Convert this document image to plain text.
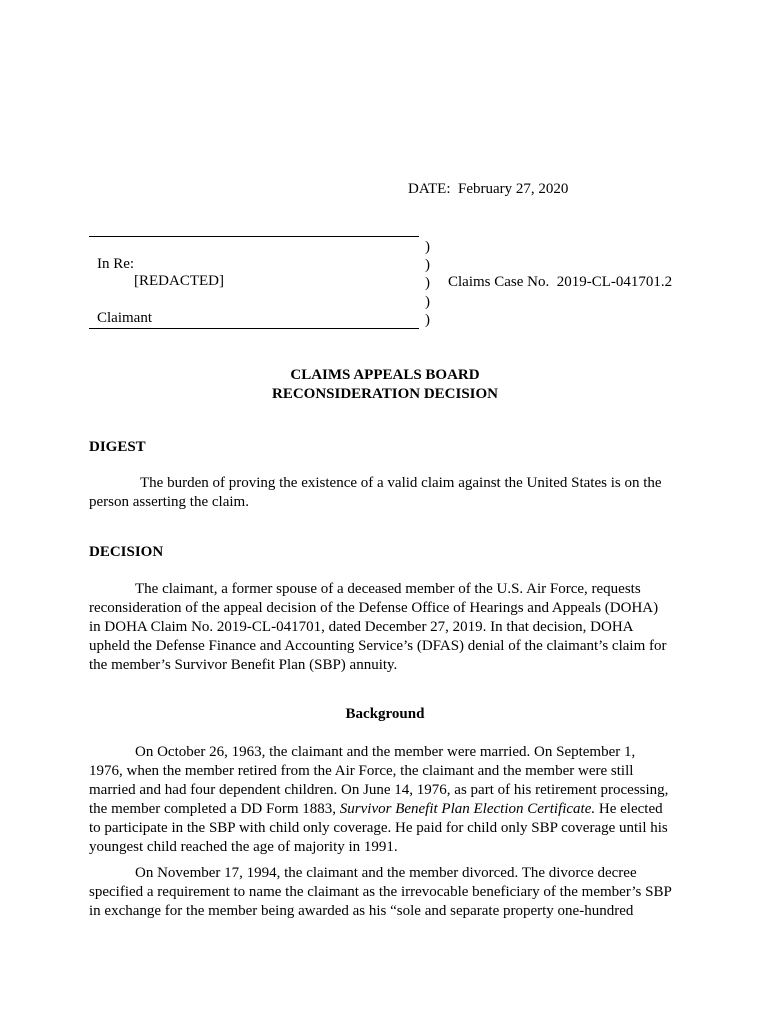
DATE: February 27, 2020
In Re:
[REDACTED]
Claimant
)
)
)
)
)
Claims Case No. 2019-CL-041701.2
CLAIMS APPEALS BOARD
RECONSIDERATION DECISION
DIGEST
The burden of proving the existence of a valid claim against the United States is on the
person asserting the claim.
DECISION
The claimant, a former spouse of a deceased member of the U.S. Air Force, requests
reconsideration of the appeal decision of the Defense Office of Hearings and Appeals (DOHA)
in DOHA Claim No. 2019-CL-041701, dated December 27, 2019. In that decision, DOHA
upheld the Defense Finance and Accounting Service’s (DFAS) denial of the claimant’s claim for
the member’s Survivor Benefit Plan (SBP) annuity.
Background
On October 26, 1963, the claimant and the member were married. On September 1,
1976, when the member retired from the Air Force, the claimant and the member were still
married and had four dependent children. On June 14, 1976, as part of his retirement processing,
the member completed a DD Form 1883, Survivor Benefit Plan Election Certificate. He elected
to participate in the SBP with child only coverage. He paid for child only SBP coverage until his
youngest child reached the age of majority in 1991.
On November 17, 1994, the claimant and the member divorced. The divorce decree
specified a requirement to name the claimant as the irrevocable beneficiary of the member’s SBP
in exchange for the member being awarded as his “sole and separate property one-hundred
